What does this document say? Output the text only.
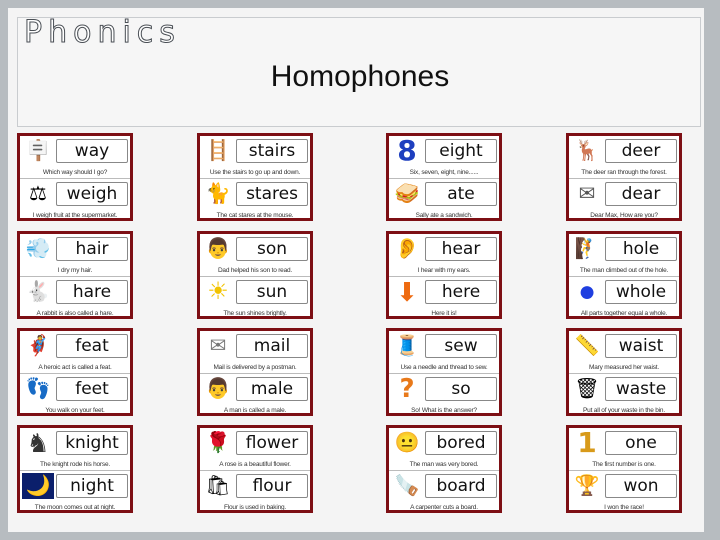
Phonics
Homophones
🪧	way
Which way should I go?
⚖	weigh
I weigh fruit at the supermarket.
🪜	stairs
Use the stairs to go up and down.
🐈 stares
The cat stares at the mouse.
8	eight
Six, seven, eight, nine......
🥪	ate
Sally ate a sandwich.
🦌	deer
The deer ran through the forest.
✉	dear
Dear Max, How are you?
💨	hair
I dry my hair.
🐇	hare
A rabbit is also called a hare.
👨	son
Dad helped his son to read.
☀	sun
The sun shines brightly.
👂	hear
I hear with my ears.
⬇	here
Here it is!
🧗	hole
The man climbed out of the hole.
●	whole
All parts together equal a whole.
🦸	feat
A heroic act is called a feat.
👣	feet
You walk on your feet.
✉	mail
Mail is delivered by a postman.
👨	male
A man is called a male.
🧵	sew
Use a needle and thread to sew.
?	so
So! What is the answer?
📏	waist
Mary measured her waist.
🗑 waste
Put all of your waste in the bin.
♞ knight
The knight rode his horse.
🌙	night
The moon comes out at night.
🌹 flower
A rose is a beautiful flower.
🛍	flour
Flour is used in baking.
😐	bored
The man was very bored.
🪚	board
A carpenter cuts a board.
1	one
The first number is one.
🏆	won
I won the race!
